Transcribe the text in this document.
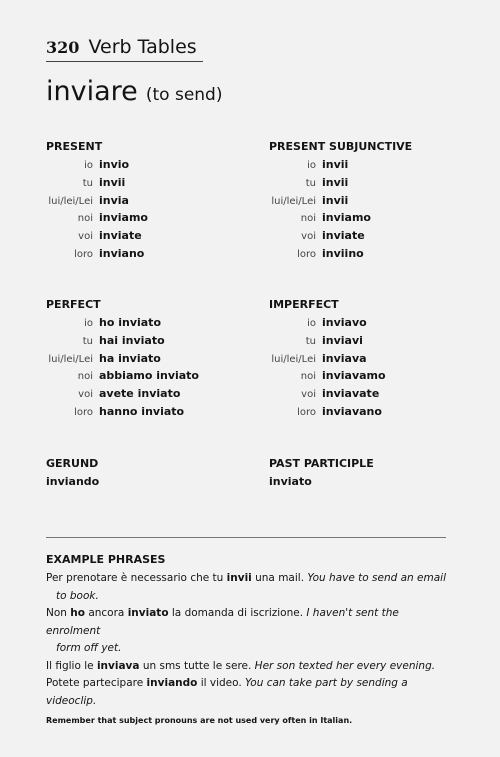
320 Verb Tables
inviare (to send)
PRESENT
io invio
tu invii
lui/lei/Lei invia
noi inviamo
voi inviate
loro inviano
PRESENT SUBJUNCTIVE
io invii
tu invii
lui/lei/Lei invii
noi inviamo
voi inviate
loro inviino
PERFECT
io ho inviato
tu hai inviato
lui/lei/Lei ha inviato
noi abbiamo inviato
voi avete inviato
loro hanno inviato
IMPERFECT
io inviavo
tu inviavi
lui/lei/Lei inviava
noi inviavamo
voi inviavate
loro inviavano
GERUND
inviando
PAST PARTICIPLE
inviato
EXAMPLE PHRASES
Per prenotare è necessario che tu invii una mail. You have to send an email
to book.
Non ho ancora inviato la domanda di iscrizione. I haven't sent the enrolment
form off yet.
Il figlio le inviava un sms tutte le sere. Her son texted her every evening.
Potete partecipare inviando il video. You can take part by sending a videoclip.
Remember that subject pronouns are not used very often in Italian.
